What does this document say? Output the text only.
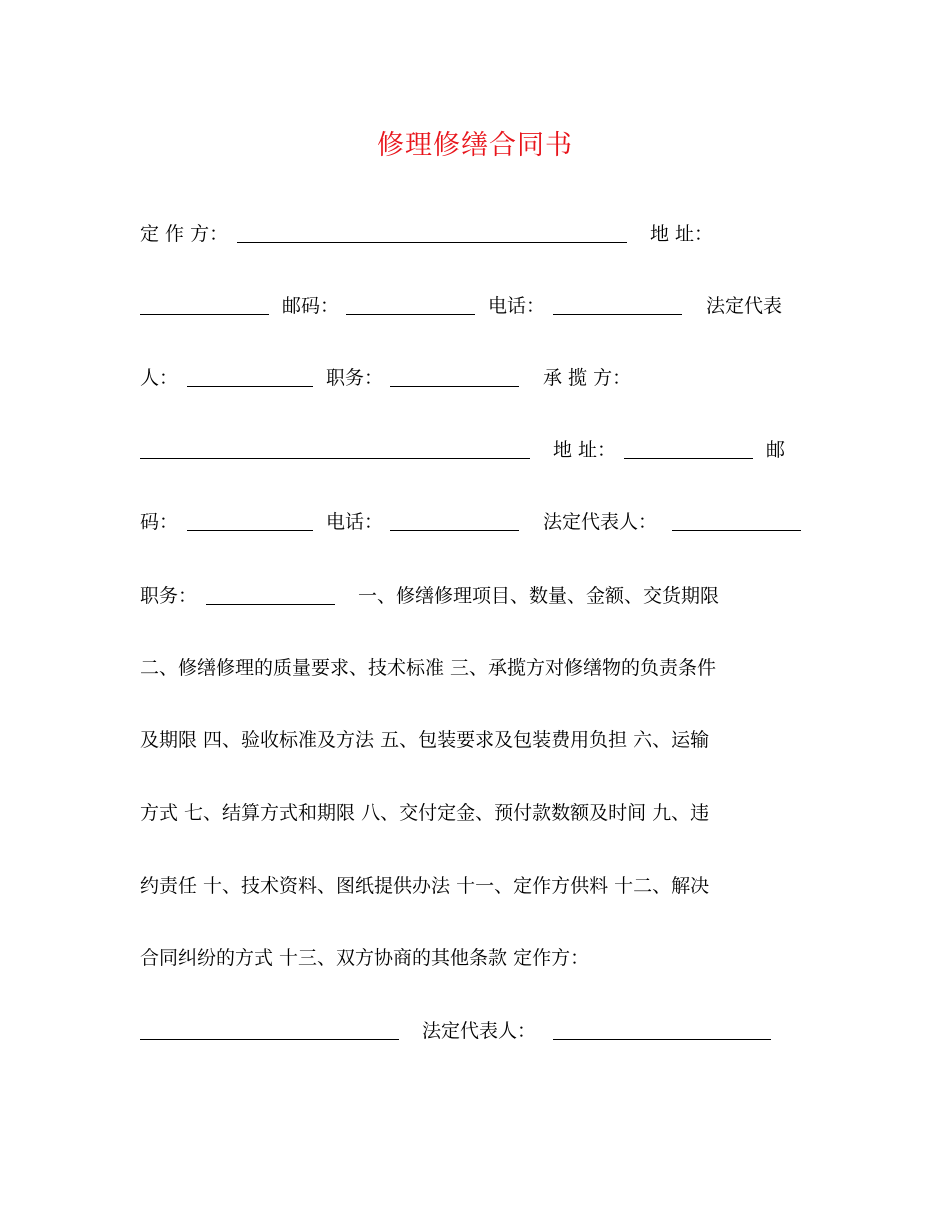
修理修缮合同书
定 作 方：	地 址：
邮码：	电话：	法定代表
人：	职务：	承 揽 方：
地 址：	邮
码：	电话：	法定代表人：
职务：	一、修缮修理项目、数量、金额、交货期限
二、修缮修理的质量要求、技术标准 三、承揽方对修缮物的负责条件
及期限 四、验收标准及方法 五、包装要求及包装费用负担 六、运输
方式 七、结算方式和期限 八、交付定金、预付款数额及时间 九、违
约责任 十、技术资料、图纸提供办法 十一、定作方供料 十二、解决
合同纠纷的方式 十三、双方协商的其他条款 定作方：
法定代表人：
